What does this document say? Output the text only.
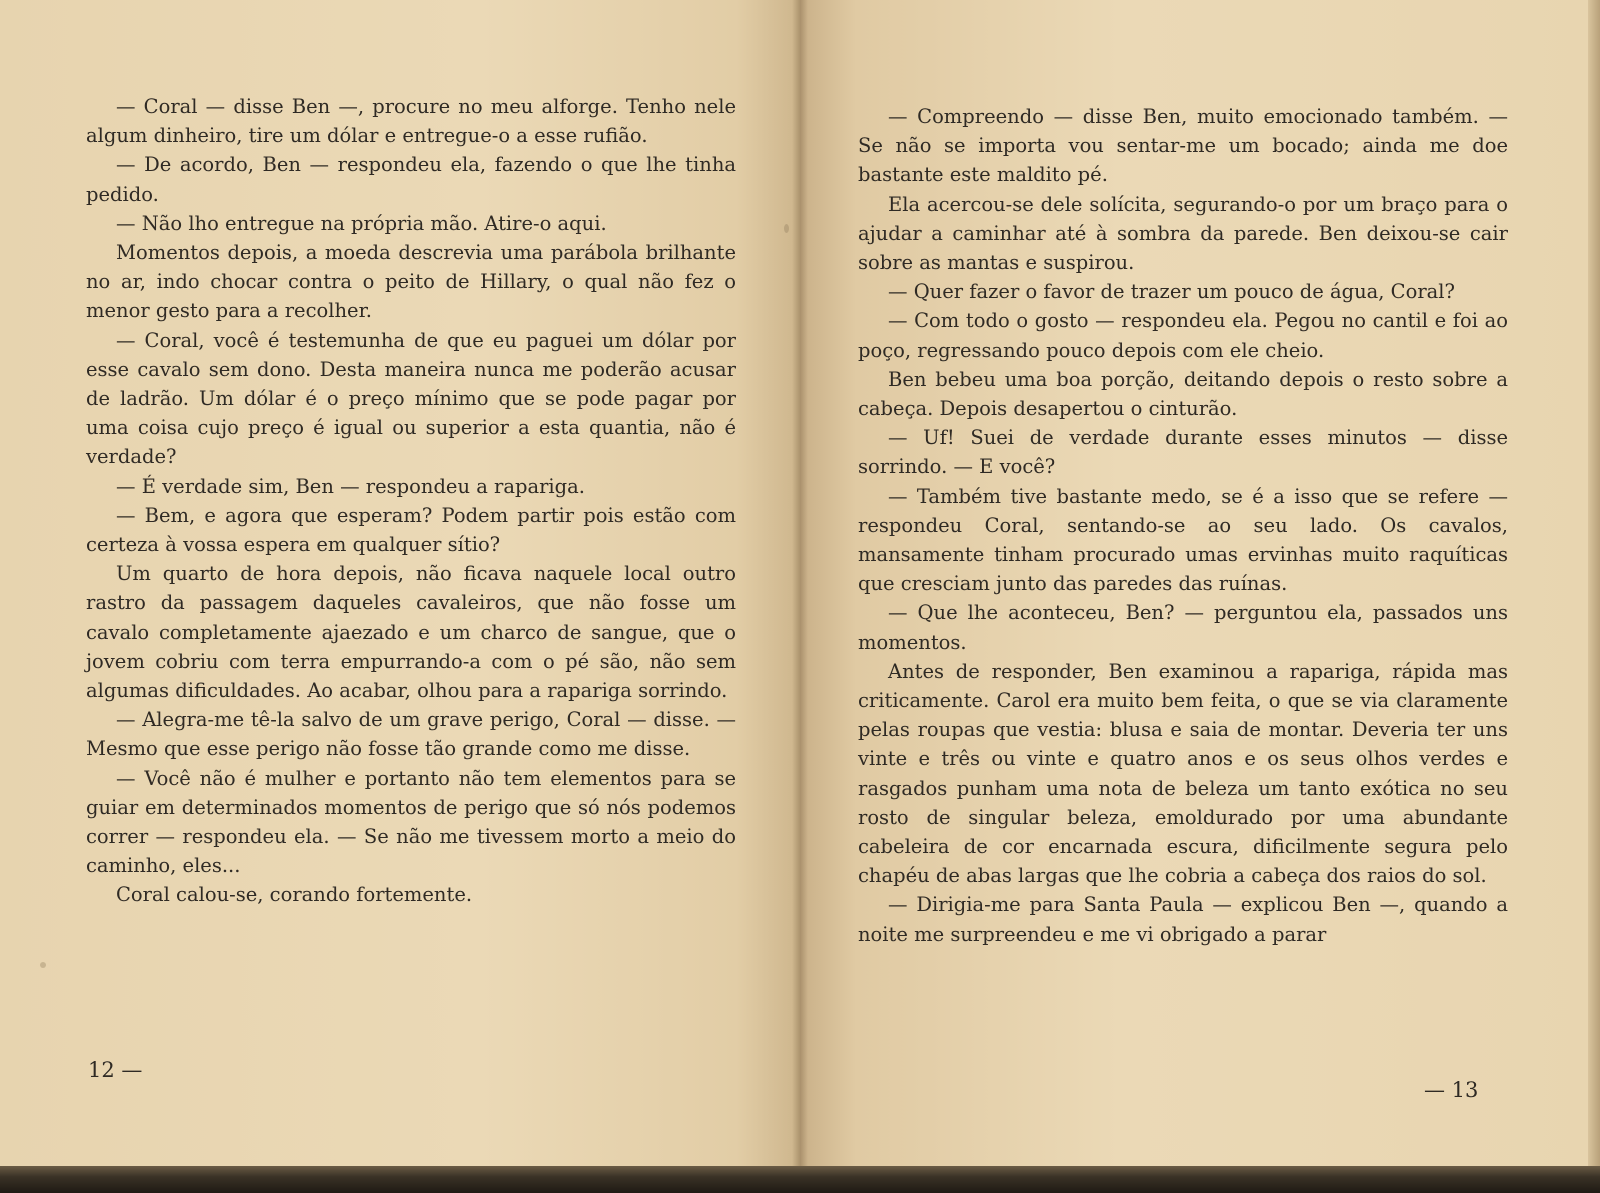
— Coral — disse Ben —, procure no meu alforge. Tenho nele algum dinheiro, tire um dólar e entregue-o a esse rufião.

— De acordo, Ben — respondeu ela, fazendo o que lhe tinha pedido.

— Não lho entregue na própria mão. Atire-o aqui.

Momentos depois, a moeda descrevia uma parábola brilhante no ar, indo chocar contra o peito de Hillary, o qual não fez o menor gesto para a recolher.

— Coral, você é testemunha de que eu paguei um dólar por esse cavalo sem dono. Desta maneira nunca me poderão acusar de ladrão. Um dólar é o preço mínimo que se pode pagar por uma coisa cujo preço é igual ou superior a esta quantia, não é verdade?

— É verdade sim, Ben — respondeu a rapariga.

— Bem, e agora que esperam? Podem partir pois estão com certeza à vossa espera em qualquer sítio?

Um quarto de hora depois, não ficava naquele local outro rastro da passagem daqueles cavaleiros, que não fosse um cavalo completamente ajaezado e um charco de sangue, que o jovem cobriu com terra empurrando-a com o pé são, não sem algumas dificuldades. Ao acabar, olhou para a rapariga sorrindo.

— Alegra-me tê-la salvo de um grave perigo, Coral — disse. — Mesmo que esse perigo não fosse tão grande como me disse.

— Você não é mulher e portanto não tem elementos para se guiar em determinados momentos de perigo que só nós podemos correr — respondeu ela. — Se não me tivessem morto a meio do caminho, eles...

Coral calou-se, corando fortemente.

12 —

— Compreendo — disse Ben, muito emocionado também. — Se não se importa vou sentar-me um bocado; ainda me doe bastante este maldito pé.

Ela acercou-se dele solícita, segurando-o por um braço para o ajudar a caminhar até à sombra da parede. Ben deixou-se cair sobre as mantas e suspirou.

— Quer fazer o favor de trazer um pouco de água, Coral?

— Com todo o gosto — respondeu ela. Pegou no cantil e foi ao poço, regressando pouco depois com ele cheio.

Ben bebeu uma boa porção, deitando depois o resto sobre a cabeça. Depois desapertou o cinturão.

— Uf! Suei de verdade durante esses minutos — disse sorrindo. — E você?

— Também tive bastante medo, se é a isso que se refere — respondeu Coral, sentando-se ao seu lado. Os cavalos, mansamente tinham procurado umas ervinhas muito raquíticas que cresciam junto das paredes das ruínas.

— Que lhe aconteceu, Ben? — perguntou ela, passados uns momentos.

Antes de responder, Ben examinou a rapariga, rápida mas criticamente. Carol era muito bem feita, o que se via claramente pelas roupas que vestia: blusa e saia de montar. Deveria ter uns vinte e três ou vinte e quatro anos e os seus olhos verdes e rasgados punham uma nota de beleza um tanto exótica no seu rosto de singular beleza, emoldurado por uma abundante cabeleira de cor encarnada escura, dificilmente segura pelo chapéu de abas largas que lhe cobria a cabeça dos raios do sol.

— Dirigia-me para Santa Paula — explicou Ben —, quando a noite me surpreendeu e me vi obrigado a parar

— 13
